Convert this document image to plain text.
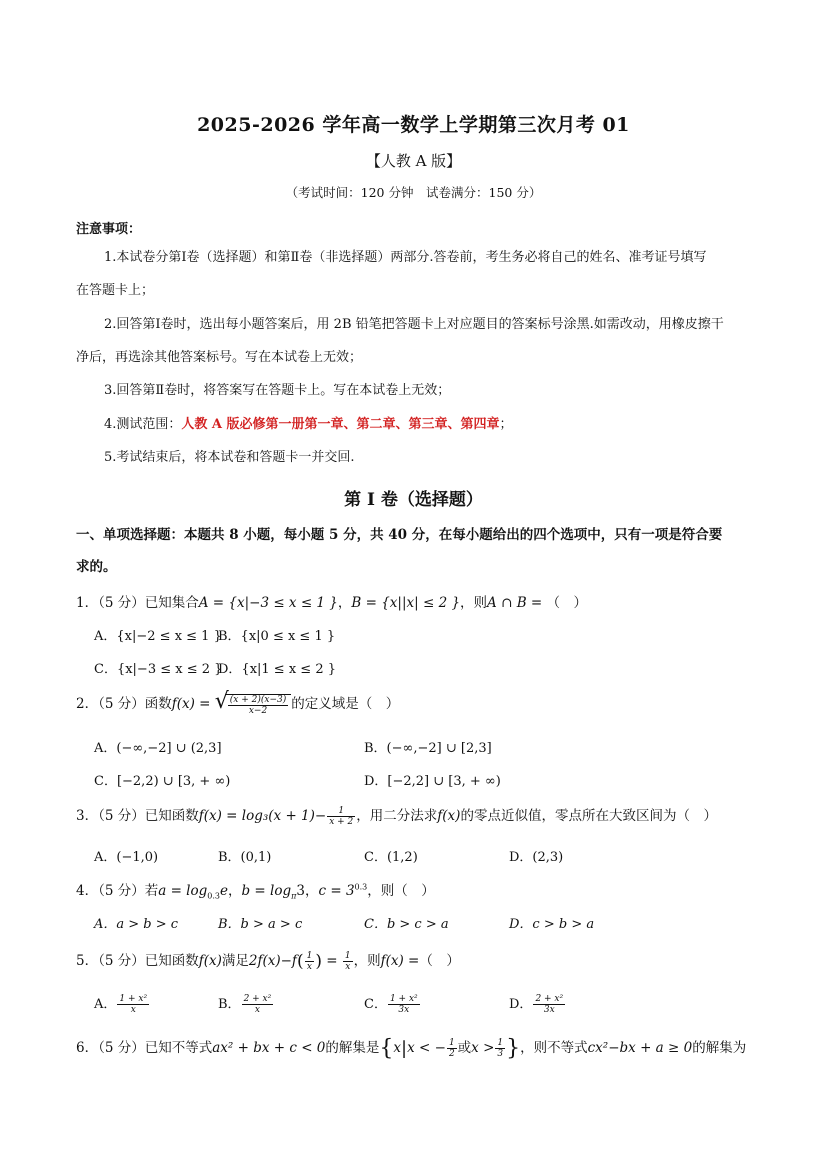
2025-2026 学年高一数学上学期第三次月考 01
【人教 A 版】
（考试时间：120 分钟　试卷满分：150 分）
注意事项：
1.本试卷分第Ⅰ卷（选择题）和第Ⅱ卷（非选择题）两部分.答卷前，考生务必将自己的姓名、准考证号填写
在答题卡上；
2.回答第Ⅰ卷时，选出每小题答案后，用 2B 铅笔把答题卡上对应题目的答案标号涂黑.如需改动，用橡皮擦干
净后，再选涂其他答案标号。写在本试卷上无效；
3.回答第Ⅱ卷时，将答案写在答题卡上。写在本试卷上无效；
4.测试范围：人教 A 版必修第一册第一章、第二章、第三章、第四章；
5.考试结束后，将本试卷和答题卡一并交回.
第 I 卷（选择题）
一、单项选择题：本题共 8 小题，每小题 5 分，共 40 分，在每小题给出的四个选项中，只有一项是符合要
求的。
1．（5 分）已知集合A = {x|−3 ≤ x ≤ 1 }，B = {x||x| ≤ 2 }，则A ∩ B = （　）
A．{x|−2 ≤ x ≤ 1 }
B．{x|0 ≤ x ≤ 1 }
C．{x|−3 ≤ x ≤ 2 }
D．{x|1 ≤ x ≤ 2 }
2．（5 分）函数f(x) =
√ $\frac{(x + 2)(x-3)}{x-2}$ 的定义域是（　）
A．(−∞,−2] ∪ (2,3]	B．(−∞,−2] ∪ [2,3]
C．[−2,2) ∪ [3, + ∞)	D．[−2,2] ∪ [3, + ∞)
3．（5 分）已知函数$f(x) = \log_3(x + 1)- \frac{1}{x + 2}$ ，用二分法求f(x)的零点近似值，零点所在大致区间为（　）
A．(−1,0)	B．(0,1)	C．(1,2)	D．(2,3)
4．（5 分）若$a = \log_{0.3}e$，$b = \log_\pi 3$，$c = 3^{0.3}$，则（　）
A．a > b > c	B．b > a > c	C．b > c > a	D．c > b > a
5．（5 分）已知函数f(x)满足$2f(x)-f( \frac{1}{x}$ ) = $\frac{1}{x}$ ，则f(x) =（　）
A． $\frac{\text{1 + x²}}{x}$	B． $\frac{\text{2 + x²}}{x}$	C． $\frac{\text{1 + x²}}{3x}$	D． $\frac{\text{2 + x²}}{3x}$
6．（5 分）已知不等式ax² + bx + c < 0的解集是{x|x < − $\frac{1}{2}$ 或$x > \frac{1}{3}$ }，则不等式cx²−bx + a ≥ 0的解集为
